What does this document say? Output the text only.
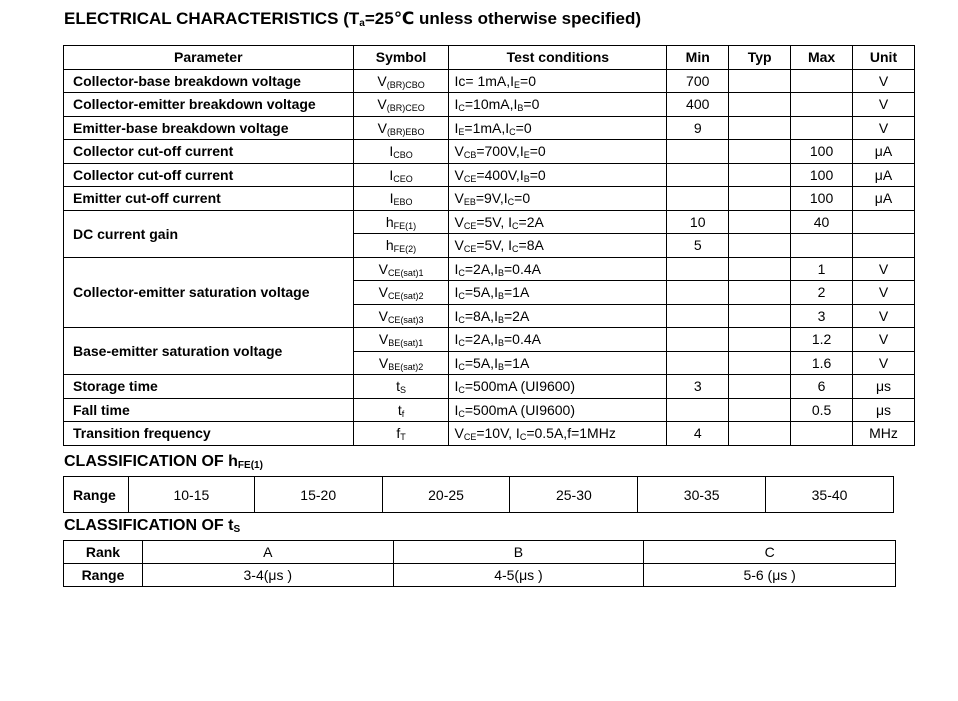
ELECTRICAL CHARACTERISTICS ($T_a=25℃$ unless otherwise specified)
Parameter	Symbol	Test conditions	Min	Typ	Max	Unit
Collector-base breakdown voltage	$V_{(BR)CBO}$	$Ic= 1mA,I_E=0$	700			V
Collector-emitter breakdown voltage	$V_{(BR)CEO}$	$I_C=10mA,I_B=0$	400			V
Emitter-base breakdown voltage	$V_{(BR)EBO}$	$I_E=1mA,I_C=0$	9			V
Collector cut-off current	$I_{CBO}$	$V_{CB}=700V,I_E=0$			100	μA
Collector cut-off current	$I_{CEO}$	$V_{CE}=400V,I_B=0$			100	μA
Emitter cut-off current	$I_{EBO}$	$V_{EB}=9V,I_C=0$			100	μA
DC current gain	$h_{FE(1)}$	$V_{CE}=5V$, $I_C=2A$	10		40	
	$h_{FE(2)}$	$V_{CE}=5V$, $I_C=8A$	5			
Collector-emitter saturation voltage	$V_{CE(sat)1}$	$I_C=2A,I_B=0.4A$			1	V
	$V_{CE(sat)2}$	$I_C=5A,I_B=1A$			2	V
	$V_{CE(sat)3}$	$I_C=8A,I_B=2A$			3	V
Base-emitter saturation voltage	$V_{BE(sat)1}$	$I_C=2A,I_B=0.4A$			1.2	V
	$V_{BE(sat)2}$	$I_C=5A,I_B=1A$			1.6	V
Storage time	$t_S$	$I_C=500mA$ (UI9600)	3		6	μs
Fall time	$t_f$	$I_C=500mA$ (UI9600)			0.5	μs
Transition frequency	$f_T$	$V_{CE}=10V$, $I_C=0.5A,f=1MHz$	4			MHz
CLASSIFICATION OF $h_{FE(1)}$
Range	10-15	15-20	20-25	25-30	30-35	35-40
CLASSIFICATION OF $t_S$
Rank	A	B	C
Range	3-4(μs )	4-5(μs )	5-6 (μs )
